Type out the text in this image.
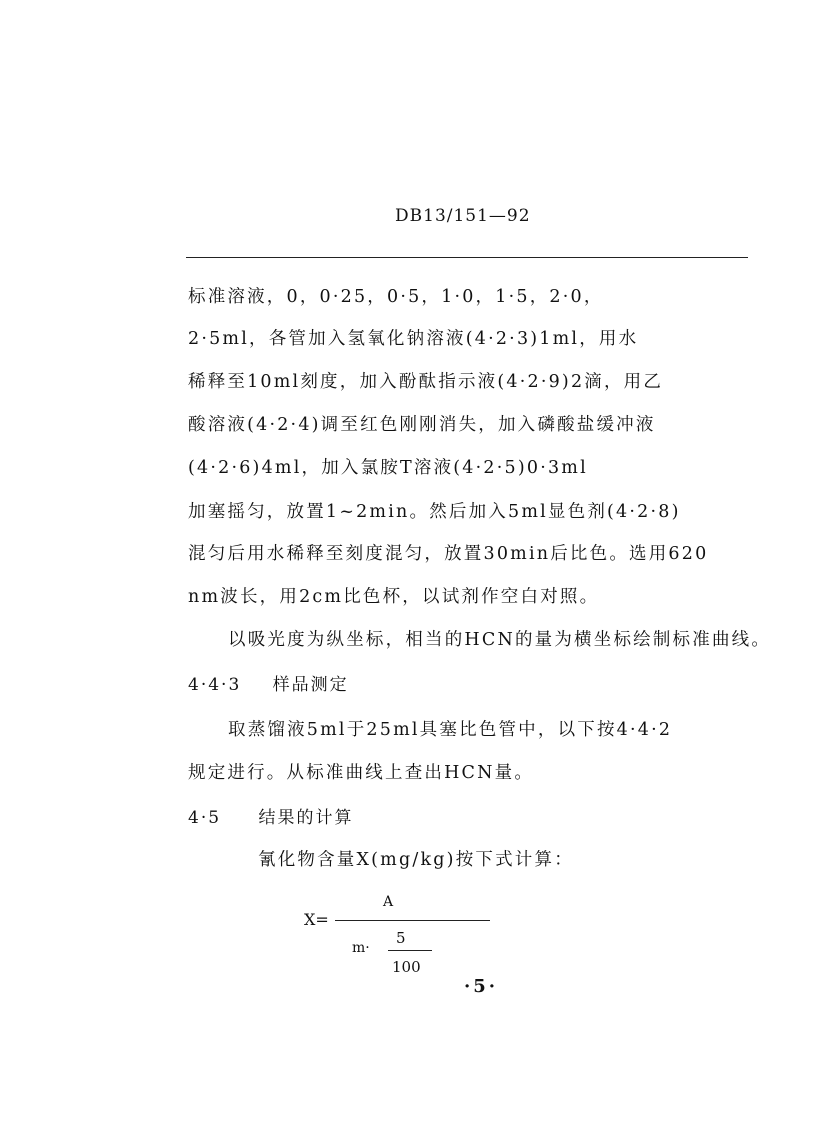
DB13/151—92
标准溶液，0，0·25，0·5，1·0，1·5，2·0，
2·5ml，各管加入氢氧化钠溶液(4·2·3)1ml，用水
稀释至10ml刻度，加入酚酞指示液(4·2·9)2滴，用乙
酸溶液(4·2·4)调至红色刚刚消失，加入磷酸盐缓冲液
(4·2·6)4ml，加入氯胺T溶液(4·2·5)0·3ml
加塞摇匀，放置1~2min。然后加入5ml显色剂(4·2·8)
混匀后用水稀释至刻度混匀，放置30min后比色。选用620
nm波长，用2cm比色杯，以试剂作空白对照。
以吸光度为纵坐标，相当的HCN的量为横坐标绘制标准曲线。
4·4·3 样品测定
取蒸馏液5ml于25ml具塞比色管中，以下按4·4·2
规定进行。从标准曲线上查出HCN量。
4·5 结果的计算
氰化物含量X(mg/kg)按下式计算：
X=
A
m·
5
100
·5·
